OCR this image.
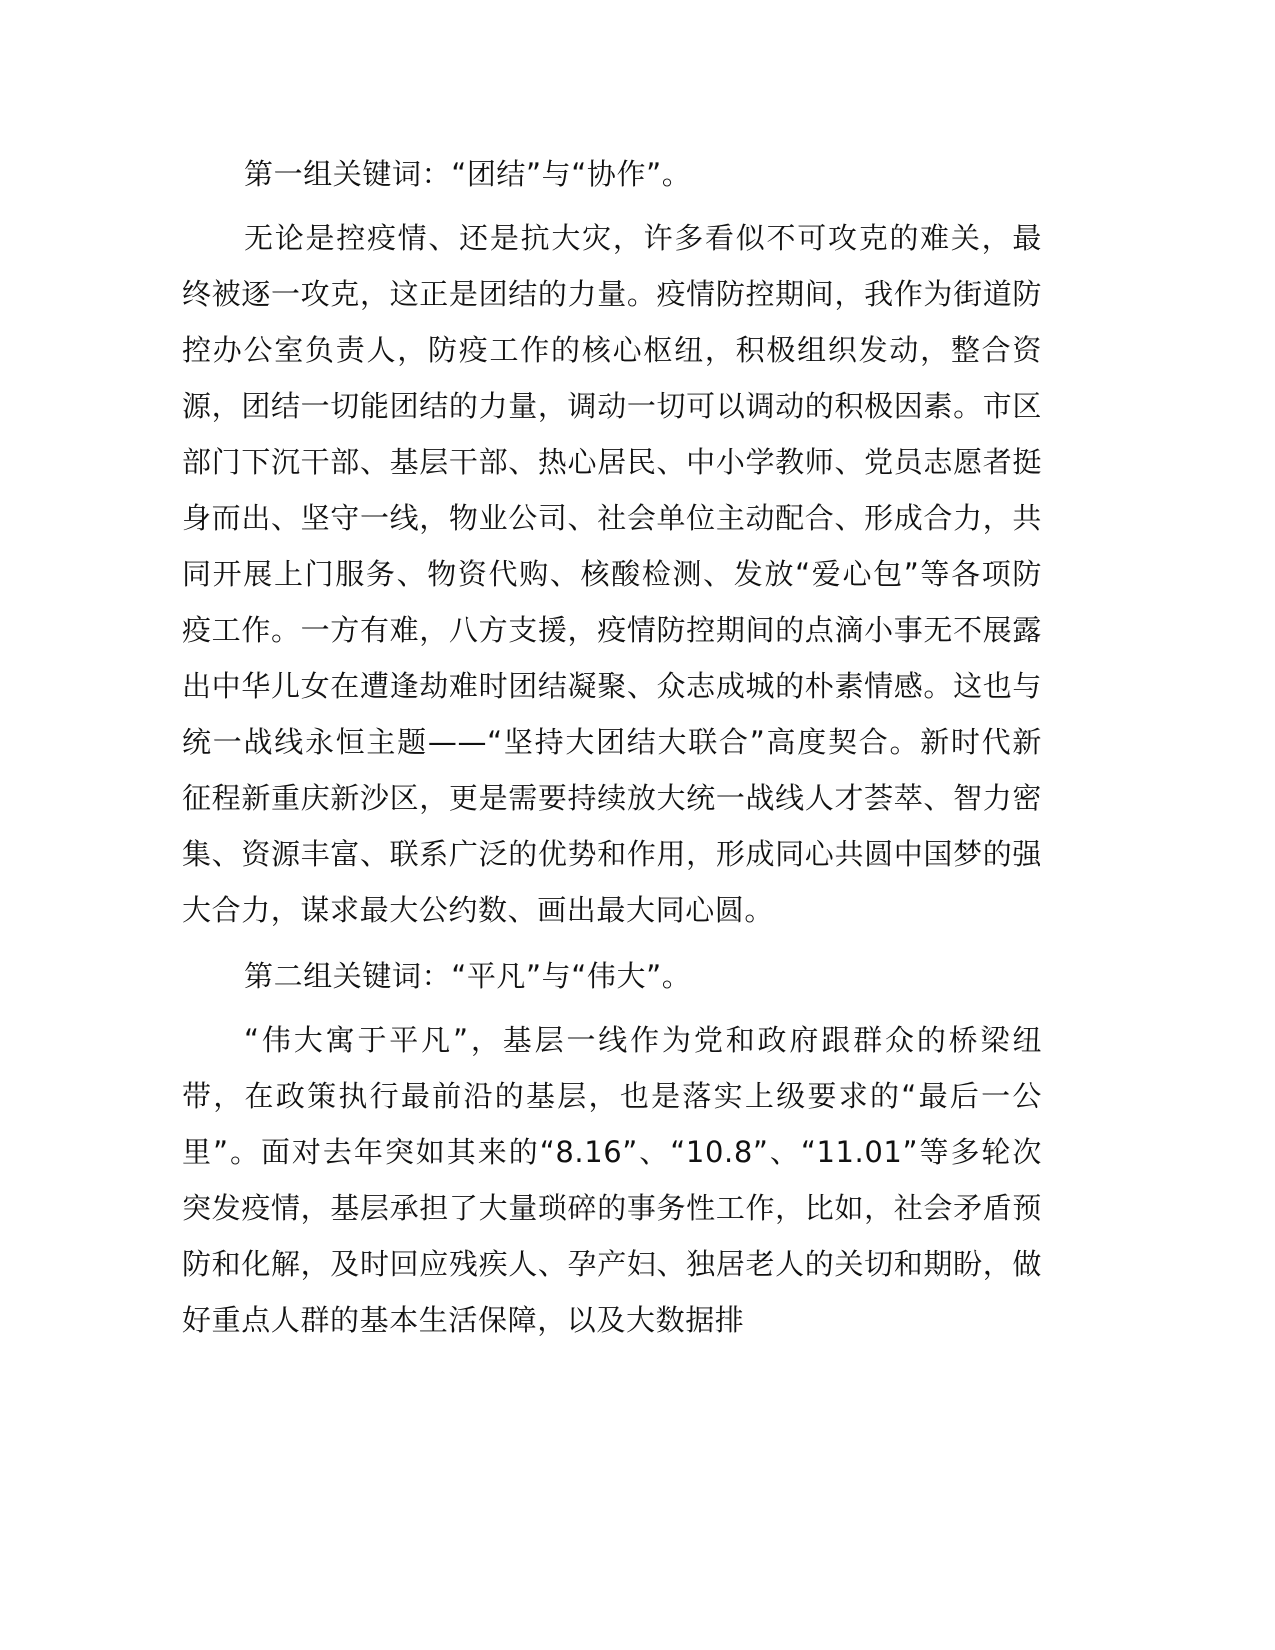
第一组关键词：“团结”与“协作”。

无论是控疫情、还是抗大灾，许多看似不可攻克的难关，最终被逐一攻克，这正是团结的力量。疫情防控期间，我作为街道防控办公室负责人，防疫工作的核心枢纽，积极组织发动，整合资源，团结一切能团结的力量，调动一切可以调动的积极因素。市区部门下沉干部、基层干部、热心居民、中小学教师、党员志愿者挺身而出、坚守一线，物业公司、社会单位主动配合、形成合力，共同开展上门服务、物资代购、核酸检测、发放“爱心包”等各项防疫工作。一方有难，八方支援，疫情防控期间的点滴小事无不展露出中华儿女在遭逢劫难时团结凝聚、众志成城的朴素情感。这也与统一战线永恒主题——“坚持大团结大联合”高度契合。新时代新征程新重庆新沙区，更是需要持续放大统一战线人才荟萃、智力密集、资源丰富、联系广泛的优势和作用，形成同心共圆中国梦的强大合力，谋求最大公约数、画出最大同心圆。

第二组关键词：“平凡”与“伟大”。

“伟大寓于平凡”，基层一线作为党和政府跟群众的桥梁纽带，在政策执行最前沿的基层，也是落实上级要求的“最后一公里”。面对去年突如其来的“8.16”、“10.8”、“11.01”等多轮次突发疫情，基层承担了大量琐碎的事务性工作，比如，社会矛盾预防和化解，及时回应残疾人、孕产妇、独居老人的关切和期盼，做好重点人群的基本生活保障，以及大数据排
